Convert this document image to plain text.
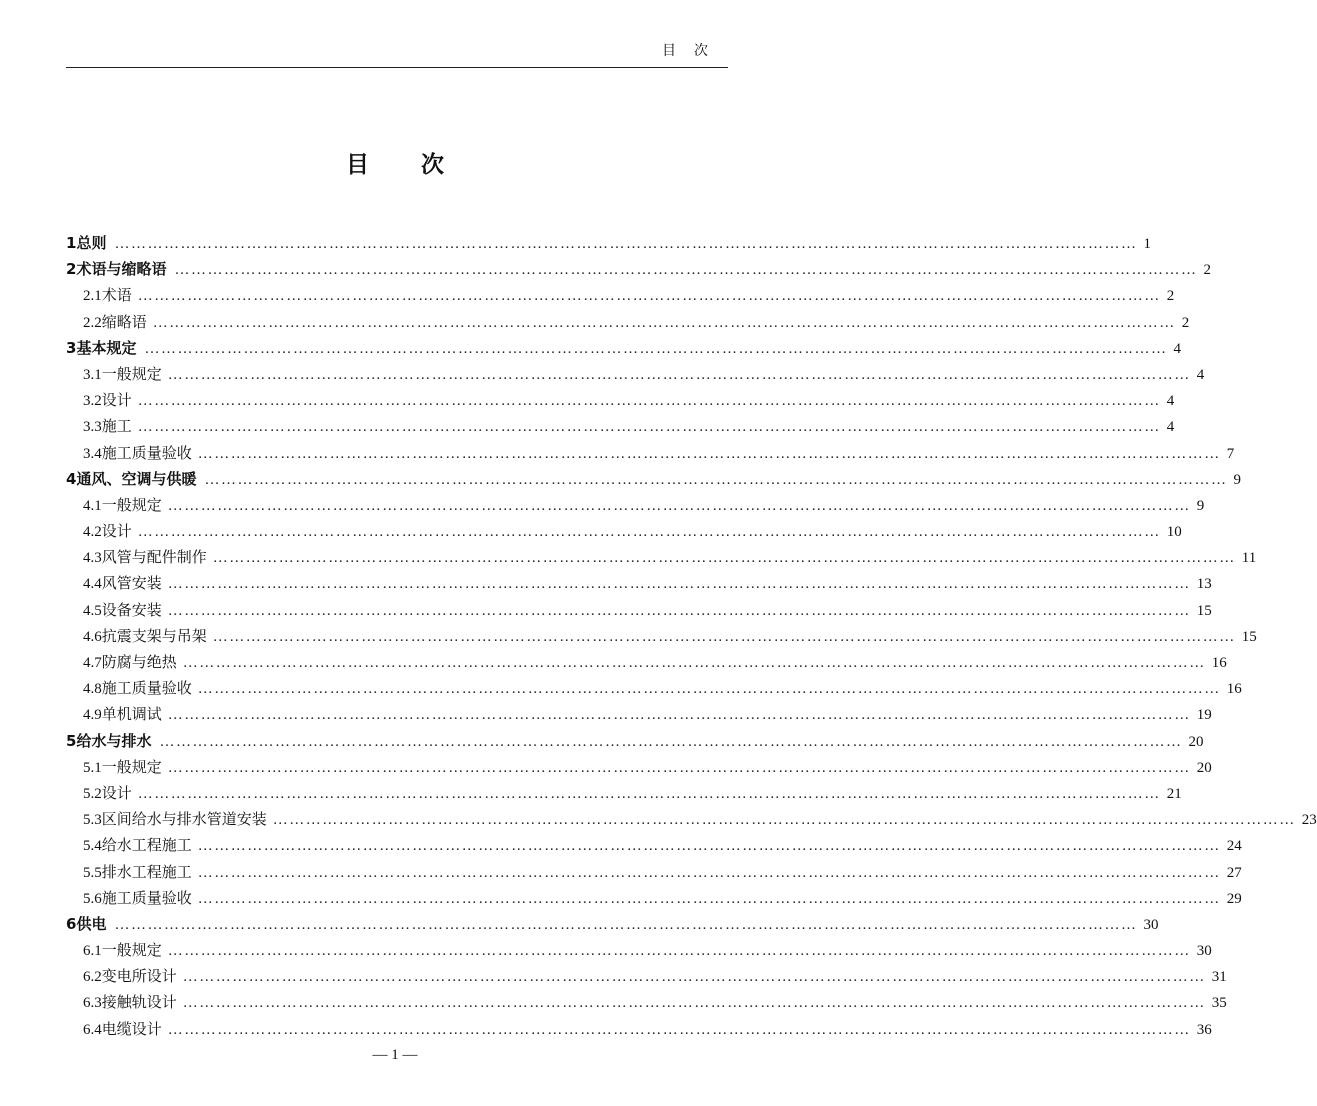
目次
目次
1 总则 …………………………………………………………………………………………………………………………………………………………………… 1
2 术语与缩略语 …………………………………………………………………………………………………………………………………………………………………… 2
2.1 术语 …………………………………………………………………………………………………………………………………………………………………… 2
2.2 缩略语 …………………………………………………………………………………………………………………………………………………………………… 2
3 基本规定 …………………………………………………………………………………………………………………………………………………………………… 4
3.1 一般规定 …………………………………………………………………………………………………………………………………………………………………… 4
3.2 设计 …………………………………………………………………………………………………………………………………………………………………… 4
3.3 施工 …………………………………………………………………………………………………………………………………………………………………… 4
3.4 施工质量验收 …………………………………………………………………………………………………………………………………………………………………… 7
4 通风、空调与供暖 …………………………………………………………………………………………………………………………………………………………………… 9
4.1 一般规定 …………………………………………………………………………………………………………………………………………………………………… 9
4.2 设计 …………………………………………………………………………………………………………………………………………………………………… 10
4.3 风管与配件制作 …………………………………………………………………………………………………………………………………………………………………… 11
4.4 风管安装 …………………………………………………………………………………………………………………………………………………………………… 13
4.5 设备安装 …………………………………………………………………………………………………………………………………………………………………… 15
4.6 抗震支架与吊架 …………………………………………………………………………………………………………………………………………………………………… 15
4.7 防腐与绝热 …………………………………………………………………………………………………………………………………………………………………… 16
4.8 施工质量验收 …………………………………………………………………………………………………………………………………………………………………… 16
4.9 单机调试 …………………………………………………………………………………………………………………………………………………………………… 19
5 给水与排水 …………………………………………………………………………………………………………………………………………………………………… 20
5.1 一般规定 …………………………………………………………………………………………………………………………………………………………………… 20
5.2 设计 …………………………………………………………………………………………………………………………………………………………………… 21
5.3 区间给水与排水管道安装 …………………………………………………………………………………………………………………………………………………………………… 23
5.4 给水工程施工 …………………………………………………………………………………………………………………………………………………………………… 24
5.5 排水工程施工 …………………………………………………………………………………………………………………………………………………………………… 27
5.6 施工质量验收 …………………………………………………………………………………………………………………………………………………………………… 29
6 供电 …………………………………………………………………………………………………………………………………………………………………… 30
6.1 一般规定 …………………………………………………………………………………………………………………………………………………………………… 30
6.2 变电所设计 …………………………………………………………………………………………………………………………………………………………………… 31
6.3 接触轨设计 …………………………………………………………………………………………………………………………………………………………………… 35
6.4 电缆设计 …………………………………………………………………………………………………………………………………………………………………… 36
— 1 —
